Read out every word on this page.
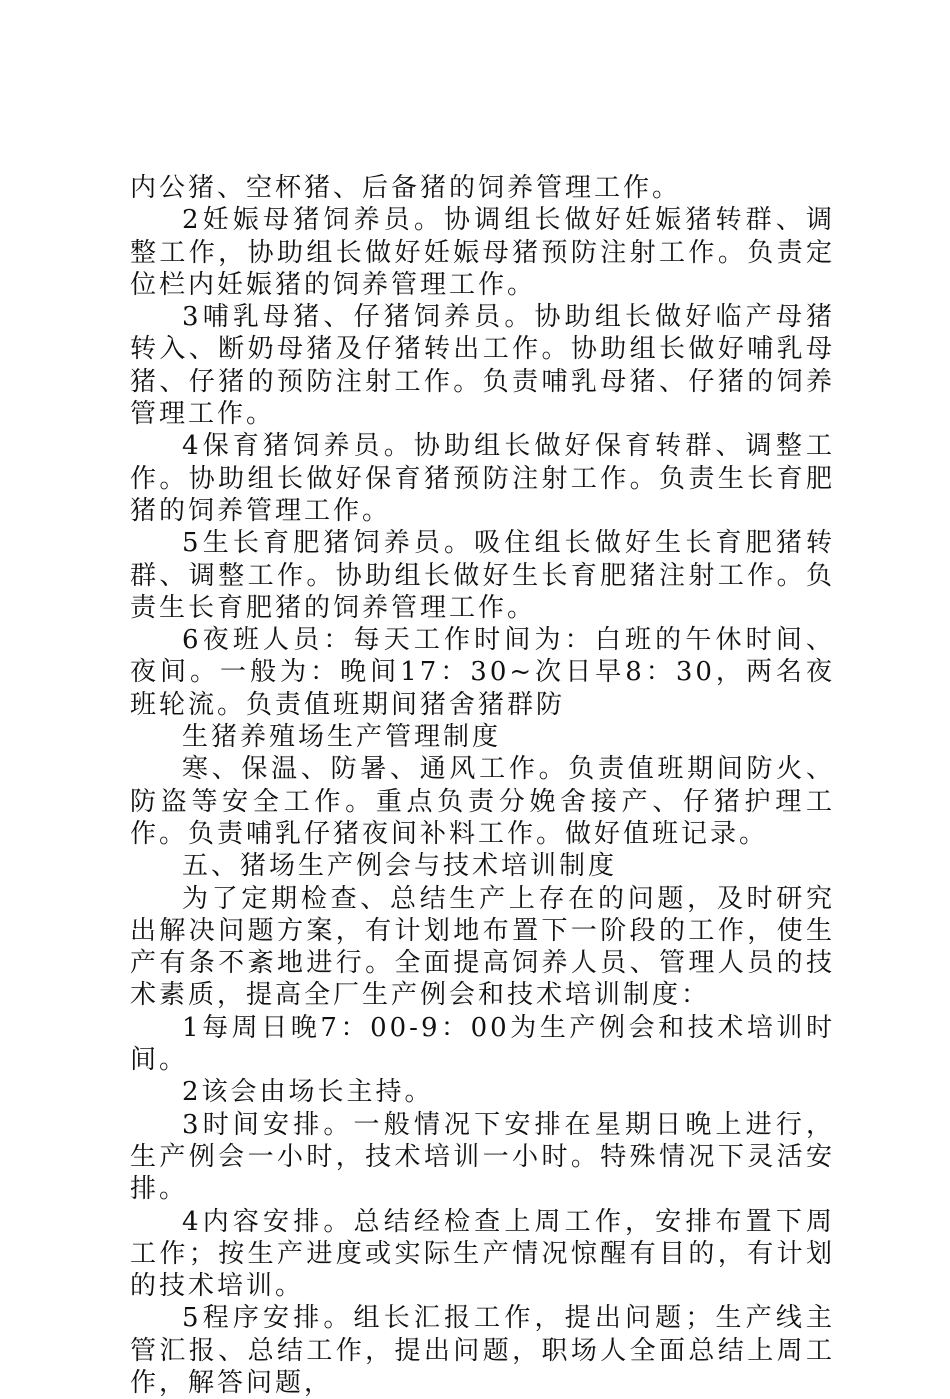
内公猪、空杯猪、后备猪的饲养管理工作。

2妊娠母猪饲养员。协调组长做好妊娠猪转群、调整工作，协助组长做好妊娠母猪预防注射工作。负责定位栏内妊娠猪的饲养管理工作。

3哺乳母猪、仔猪饲养员。协助组长做好临产母猪转入、断奶母猪及仔猪转出工作。协助组长做好哺乳母猪、仔猪的预防注射工作。负责哺乳母猪、仔猪的饲养管理工作。

4保育猪饲养员。协助组长做好保育转群、调整工作。协助组长做好保育猪预防注射工作。负责生长育肥猪的饲养管理工作。

5生长育肥猪饲养员。吸住组长做好生长育肥猪转群、调整工作。协助组长做好生长育肥猪注射工作。负责生长育肥猪的饲养管理工作。

6夜班人员：每天工作时间为：白班的午休时间、夜间。一般为：晚间17：30~次日早8：30，两名夜班轮流。负责值班期间猪舍猪群防

生猪养殖场生产管理制度

寒、保温、防暑、通风工作。负责值班期间防火、防盗等安全工作。重点负责分娩舍接产、仔猪护理工作。负责哺乳仔猪夜间补料工作。做好值班记录。

五、猪场生产例会与技术培训制度

为了定期检查、总结生产上存在的问题，及时研究出解决问题方案，有计划地布置下一阶段的工作，使生产有条不紊地进行。全面提高饲养人员、管理人员的技术素质，提高全厂生产例会和技术培训制度：

1每周日晚7：00-9：00为生产例会和技术培训时间。

2该会由场长主持。

3时间安排。一般情况下安排在星期日晚上进行，生产例会一小时，技术培训一小时。特殊情况下灵活安排。

4内容安排。总结经检查上周工作，安排布置下周工作；按生产进度或实际生产情况惊醒有目的，有计划的技术培训。

5程序安排。组长汇报工作，提出问题；生产线主管汇报、总结工作，提出问题，职场人全面总结上周工作，解答问题，
